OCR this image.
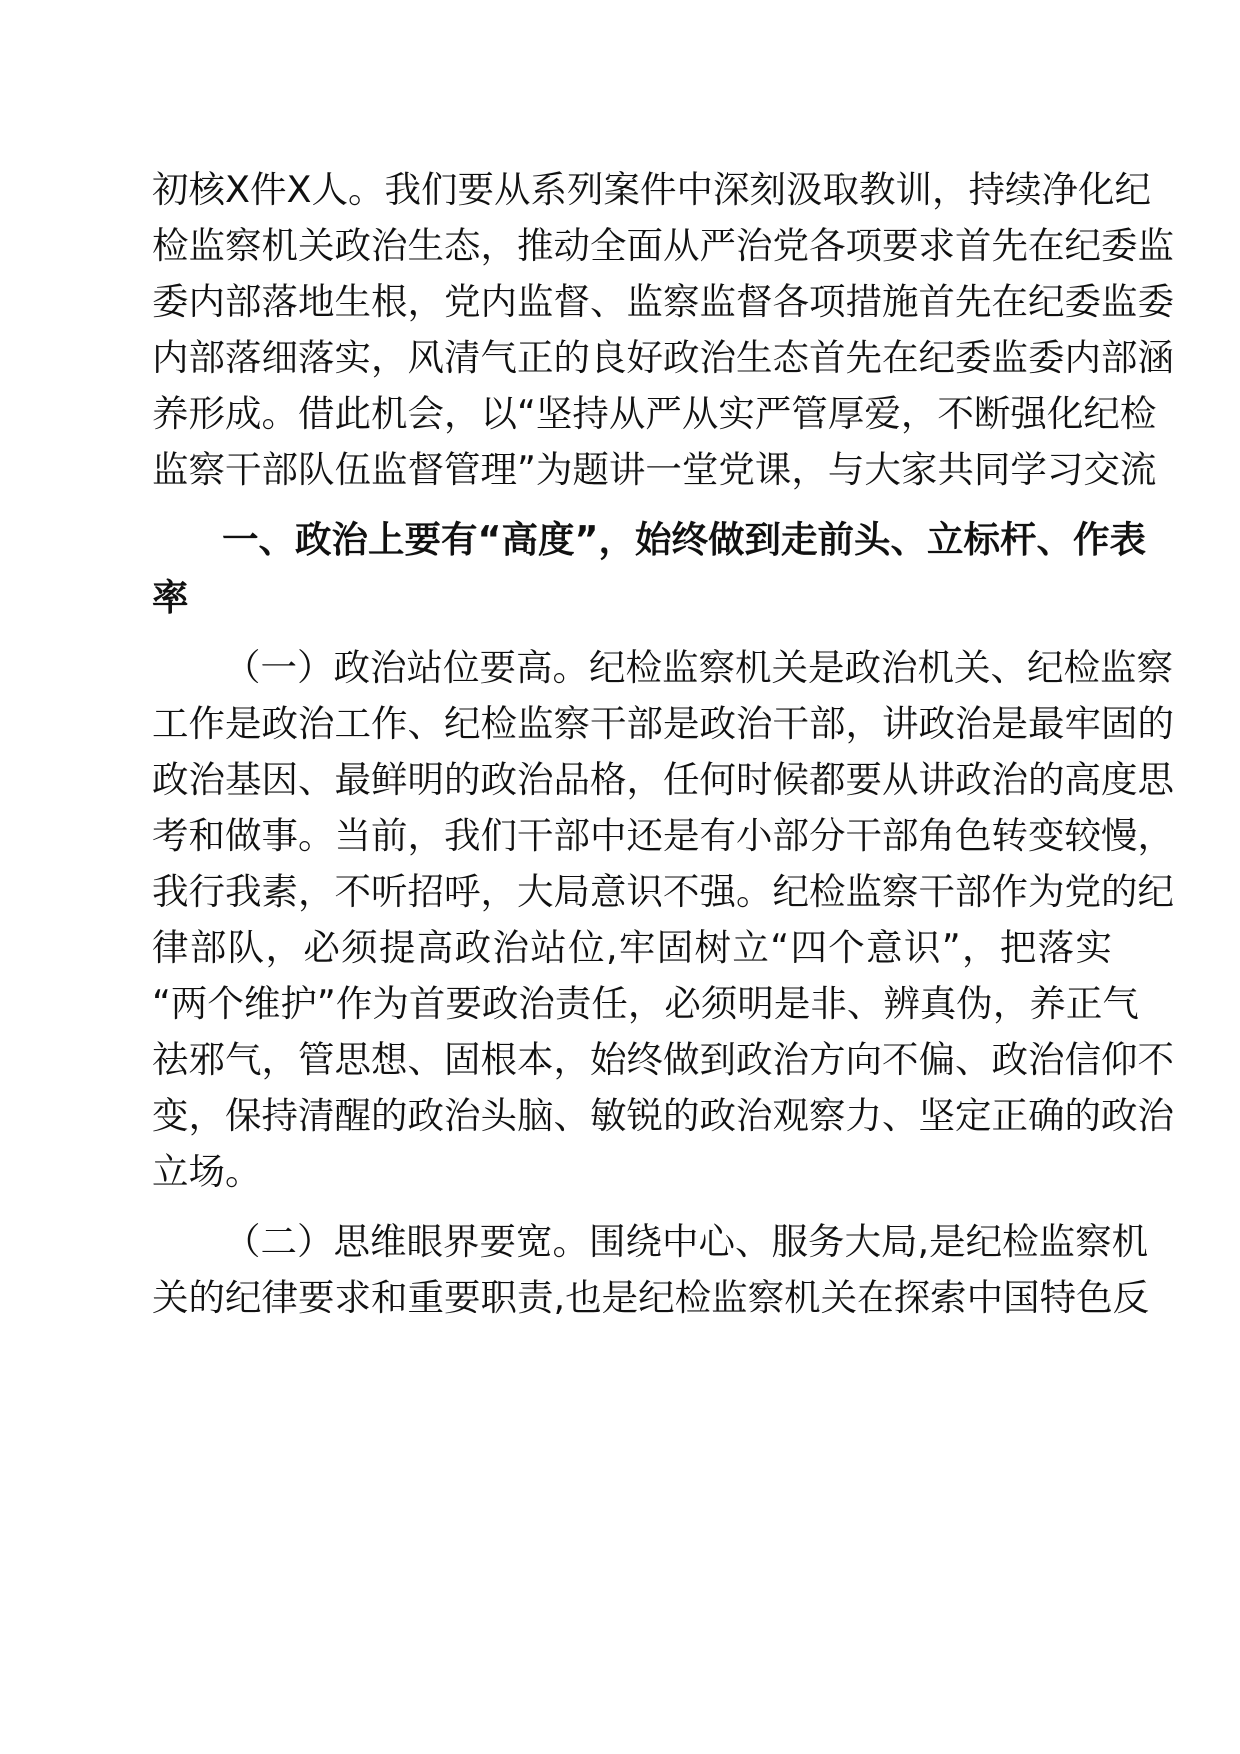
初核X件X人。我们要从系列案件中深刻汲取教训，持续净化纪
检监察机关政治生态，推动全面从严治党各项要求首先在纪委监
委内部落地生根，党内监督、监察监督各项措施首先在纪委监委
内部落细落实，风清气正的良好政治生态首先在纪委监委内部涵
养形成。借此机会，以“坚持从严从实严管厚爱，不断强化纪检
监察干部队伍监督管理”为题讲一堂党课，与大家共同学习交流
一、政治上要有“高度”，始终做到走前头、立标杆、作表
率
（一）政治站位要高。纪检监察机关是政治机关、纪检监察
工作是政治工作、纪检监察干部是政治干部，讲政治是最牢固的
政治基因、最鲜明的政治品格，任何时候都要从讲政治的高度思
考和做事。当前，我们干部中还是有小部分干部角色转变较慢，
我行我素，不听招呼，大局意识不强。纪检监察干部作为党的纪
律部队，必须提高政治站位,牢固树立“四个意识”，把落实
“两个维护”作为首要政治责任，必须明是非、辨真伪，养正气
祛邪气，管思想、固根本，始终做到政治方向不偏、政治信仰不
变，保持清醒的政治头脑、敏锐的政治观察力、坚定正确的政治
立场。
（二）思维眼界要宽。围绕中心、服务大局,是纪检监察机
关的纪律要求和重要职责,也是纪检监察机关在探索中国特色反
